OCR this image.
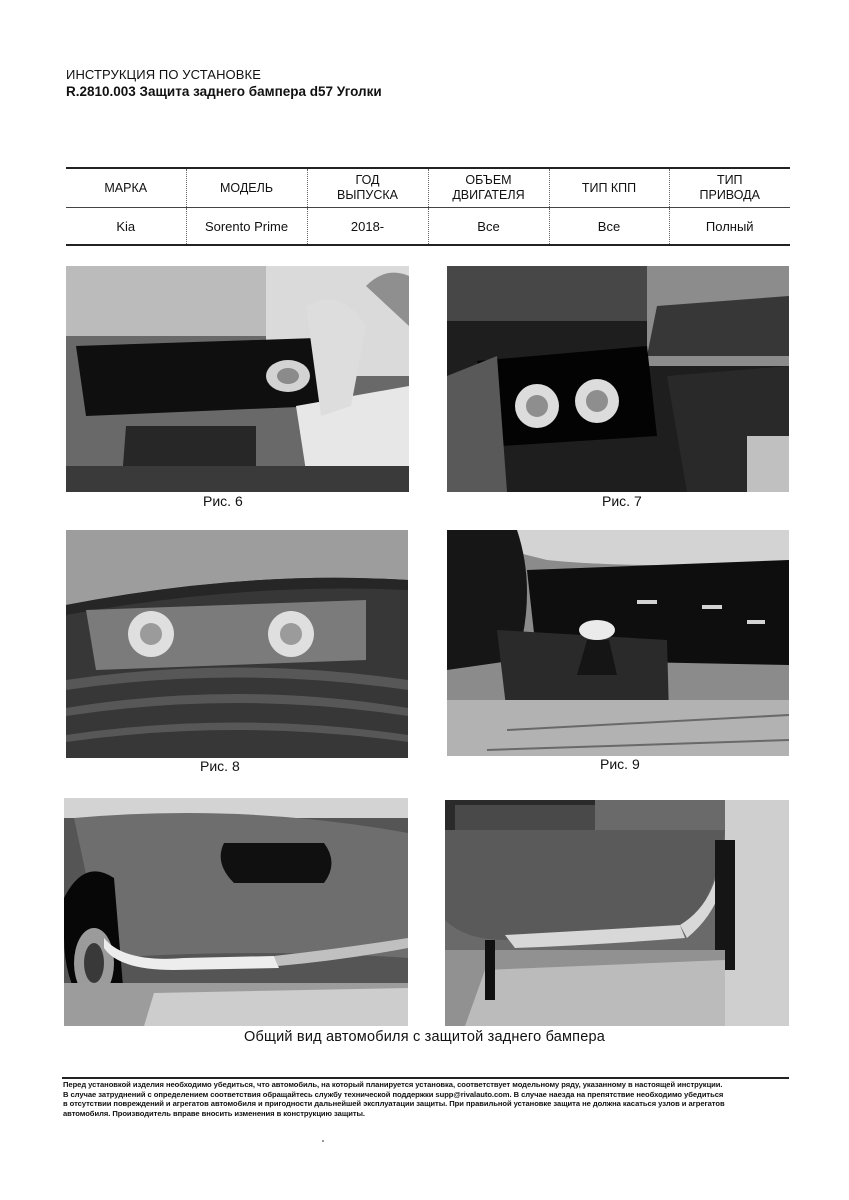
ИНСТРУКЦИЯ ПО УСТАНОВКЕ
R.2810.003 Защита заднего бампера d57 Уголки
МАРКА	МОДЕЛЬ	ГОД ВЫПУСКА	ОБЪЕМ ДВИГАТЕЛЯ	ТИП КПП	ТИП ПРИВОДА

Kia	Sorento Prime	2018-	Все	Все	Полный
Рис. 6	Рис. 7
Рис. 8	Рис. 9
Общий вид автомобиля с защитой заднего бампера
Перед установкой изделия необходимо убедиться, что автомобиль, на который планируется установка, соответствует модельному ряду, указанному в настоящей инструкции.
В случае затруднений с определением соответствия обращайтесь службу технической поддержки supp@rivalauto.com. В случае наезда на препятствие необходимо убедиться
в отсутствии повреждений и агрегатов автомобиля и пригодности дальнейшей эксплуатации защиты. При правильной установке защита не должна касаться узлов и агрегатов
автомобиля. Производитель вправе вносить изменения в конструкцию защиты.
